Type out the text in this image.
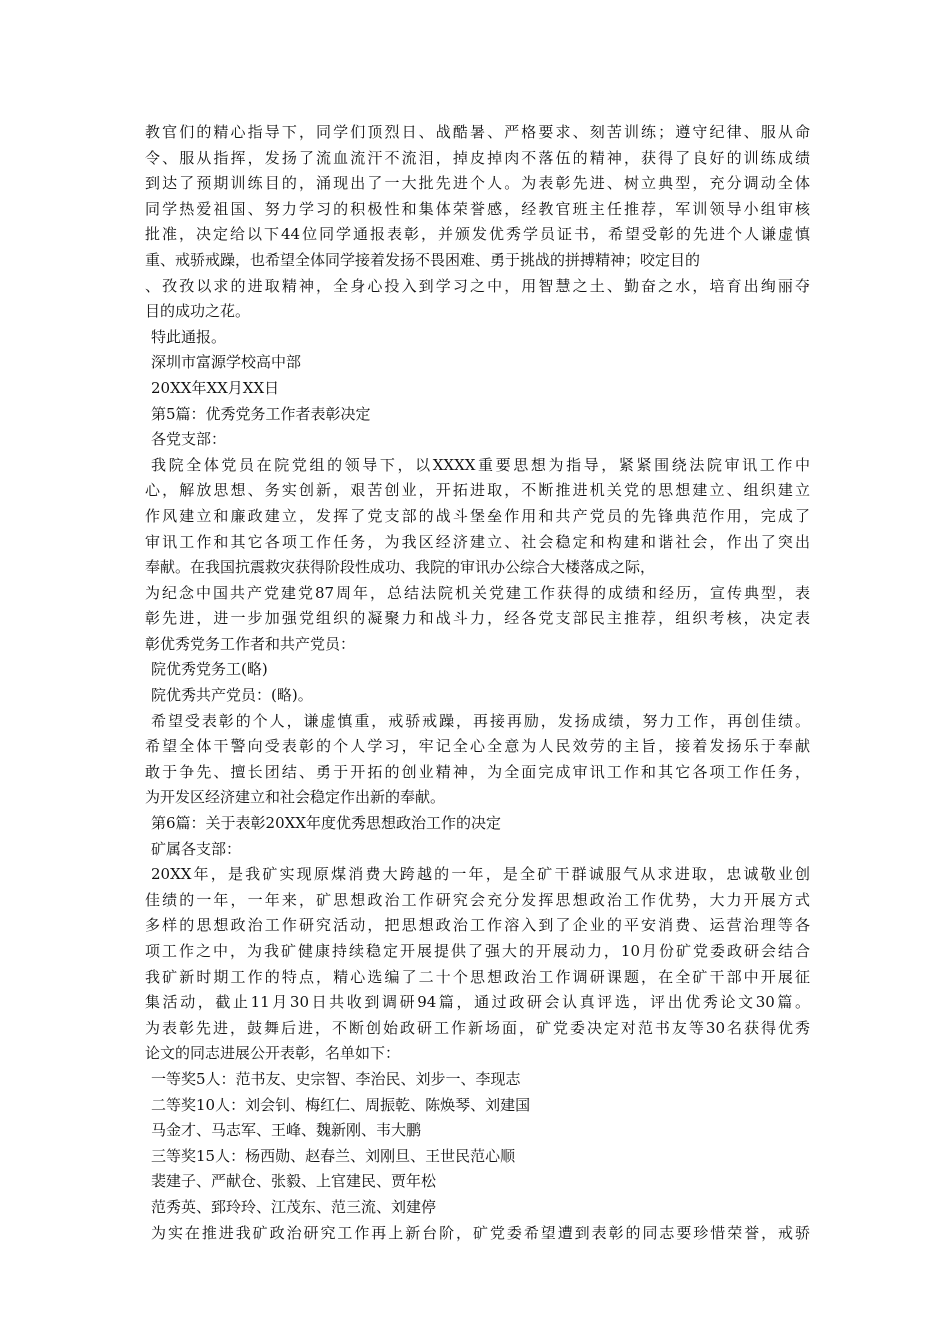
教官们的精心指导下，同学们顶烈日、战酷暑、严格要求、刻苦训练；遵守纪律、服从命
令、服从指挥，发扬了流血流汗不流泪，掉皮掉肉不落伍的精神，获得了良好的训练成绩
到达了预期训练目的，涌现出了一大批先进个人。为表彰先进、树立典型，充分调动全体
同学热爱祖国、努力学习的积极性和集体荣誉感，经教官班主任推荐，军训领导小组审核
批准，决定给以下44位同学通报表彰，并颁发优秀学员证书，希望受彰的先进个人谦虚慎
重、戒骄戒躁，也希望全体同学接着发扬不畏困难、勇于挑战的拼搏精神；咬定目的
、孜孜以求的进取精神，全身心投入到学习之中，用智慧之土、勤奋之水，培育出绚丽夺
目的成功之花。
特此通报。
深圳市富源学校高中部
20XX年XX月XX日
第5篇：优秀党务工作者表彰决定
各党支部：
我院全体党员在院党组的领导下，以XXXX重要思想为指导，紧紧围绕法院审讯工作中
心，解放思想、务实创新，艰苦创业，开拓进取，不断推进机关党的思想建立、组织建立
作风建立和廉政建立，发挥了党支部的战斗堡垒作用和共产党员的先锋典范作用，完成了
审讯工作和其它各项工作任务，为我区经济建立、社会稳定和构建和谐社会，作出了突出
奉献。在我国抗震救灾获得阶段性成功、我院的审讯办公综合大楼落成之际，
为纪念中国共产党建党87周年，总结法院机关党建工作获得的成绩和经历，宣传典型，表
彰先进，进一步加强党组织的凝聚力和战斗力，经各党支部民主推荐，组织考核，决定表
彰优秀党务工作者和共产党员：
院优秀党务工(略)
院优秀共产党员：(略)。
希望受表彰的个人，谦虚慎重，戒骄戒躁，再接再励，发扬成绩，努力工作，再创佳绩。
希望全体干警向受表彰的个人学习，牢记全心全意为人民效劳的主旨，接着发扬乐于奉献
敢于争先、擅长团结、勇于开拓的创业精神，为全面完成审讯工作和其它各项工作任务，
为开发区经济建立和社会稳定作出新的奉献。
第6篇：关于表彰20XX年度优秀思想政治工作的决定
矿属各支部：
20XX年，是我矿实现原煤消费大跨越的一年，是全矿干群诚服气从求进取，忠诚敬业创
佳绩的一年，一年来，矿思想政治工作研究会充分发挥思想政治工作优势，大力开展方式
多样的思想政治工作研究活动，把思想政治工作溶入到了企业的平安消费、运营治理等各
项工作之中，为我矿健康持续稳定开展提供了强大的开展动力，10月份矿党委政研会结合
我矿新时期工作的特点，精心选编了二十个思想政治工作调研课题，在全矿干部中开展征
集活动，截止11月30日共收到调研94篇，通过政研会认真评选，评出优秀论文30篇。
为表彰先进，鼓舞后进，不断创始政研工作新场面，矿党委决定对范书友等30名获得优秀
论文的同志进展公开表彰，名单如下：
一等奖5人：范书友、史宗智、李治民、刘步一、李现志
二等奖10人：刘会钊、梅红仁、周振乾、陈焕琴、刘建国
马金才、马志军、王峰、魏新刚、韦大鹏
三等奖15人：杨西勋、赵春兰、刘刚旦、王世民范心顺
裴建子、严献仓、张毅、上官建民、贾年松
范秀英、郅玲玲、江茂东、范三流、刘建停
为实在推进我矿政治研究工作再上新台阶，矿党委希望遭到表彰的同志要珍惜荣誉，戒骄
